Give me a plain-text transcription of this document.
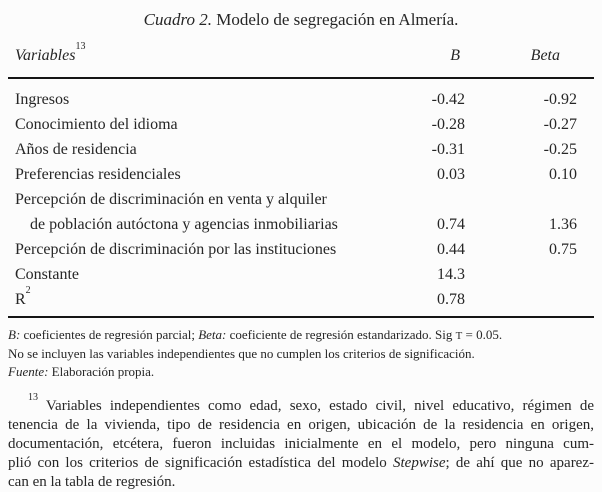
Cuadro 2. Modelo de segregación en Almería.
Variables$^{13}$	B	Beta
Ingresos	-0.42	-0.92
Conocimiento del idioma	-0.28	-0.27
Años de residencia	-0.31	-0.25
Preferencias residenciales	0.03	0.10
Percepción de discriminación en venta y alquiler		
de población autóctona y agencias inmobiliarias	0.74	1.36
Percepción de discriminación por las instituciones	0.44	0.75
Constante	14.3	
$R^2$	0.78	
B: coeficientes de regresión parcial; Beta: coeficiente de regresión estandarizado. Sig T = 0.05.
No se incluyen las variables independientes que no cumplen los criterios de significación.
Fuente: Elaboración propia.
$^{13}$ Variables independientes como edad, sexo, estado civil, nivel educativo, régimen de
tenencia de la vivienda, tipo de residencia en origen, ubicación de la residencia en origen,
documentación, etcétera, fueron incluidas inicialmente en el modelo, pero ninguna cum-
plió con los criterios de significación estadística del modelo Stepwise; de ahí que no aparez-
can en la tabla de regresión.
